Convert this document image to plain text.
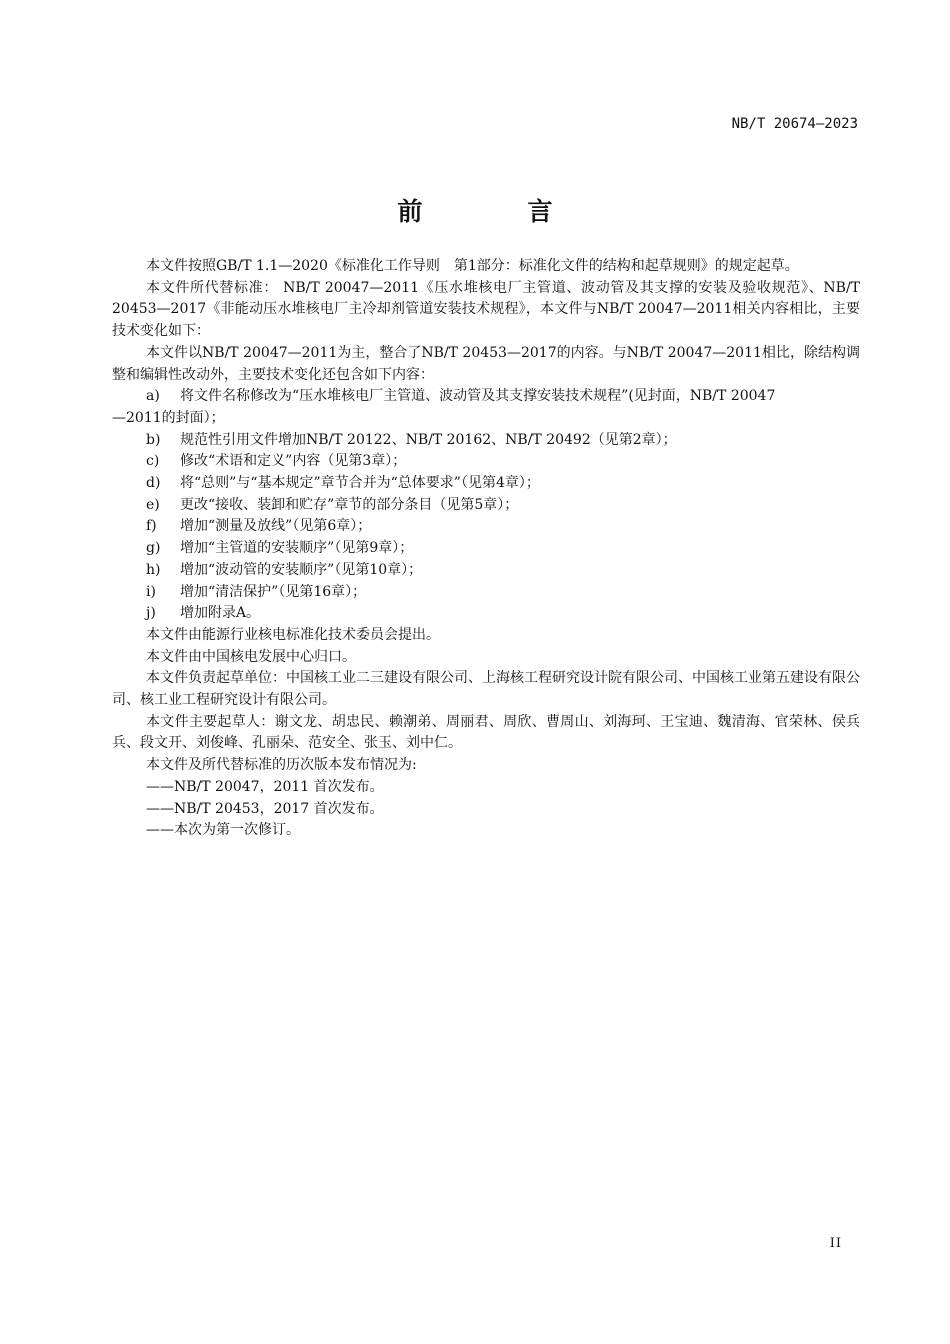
NB/T 20674—2023
前　言

本文件按照GB/T 1.1—2020《标准化工作导则　第1部分：标准化文件的结构和起草规则》的规定起草。

本文件所代替标准： NB/T 20047—2011《压水堆核电厂主管道、波动管及其支撑的安装及验收规范》、NB/T 20453—2017《非能动压水堆核电厂主冷却剂管道安装技术规程》，本文件与NB/T 20047—2011相关内容相比，主要技术变化如下：

本文件以NB/T 20047—2011为主，整合了NB/T 20453—2017的内容。与NB/T 20047—2011相比，除结构调整和编辑性改动外，主要技术变化还包含如下内容：

a) 将文件名称修改为“压水堆核电厂主管道、波动管及其支撑安装技术规程”(见封面，NB/T 20047

—2011的封面）；

b) 规范性引用文件增加NB/T 20122、NB/T 20162、NB/T 20492（见第2章）；

c) 修改“术语和定义”内容（见第3章）；

d) 将“总则”与“基本规定”章节合并为“总体要求”（见第4章）；

e) 更改“接收、装卸和贮存”章节的部分条目（见第5章）；

f) 增加“测量及放线”（见第6章）；

g) 增加“主管道的安装顺序”（见第9章）；

h) 增加“波动管的安装顺序”（见第10章）；

i) 增加“清洁保护”（见第16章）；

j) 增加附录A。

本文件由能源行业核电标准化技术委员会提出。

本文件由中国核电发展中心归口。

本文件负责起草单位：中国核工业二三建设有限公司、上海核工程研究设计院有限公司、中国核工业第五建设有限公司、核工业工程研究设计有限公司。

本文件主要起草人：谢文龙、胡忠民、赖潮弟、周丽君、周欣、曹周山、刘海珂、王宝迪、魏清海、官荣林、侯兵兵、段文开、刘俊峰、孔丽朵、范安全、张玉、刘中仁。

本文件及所代替标准的历次版本发布情况为:

——NB/T 20047，2011 首次发布。

——NB/T 20453，2017 首次发布。

——本次为第一次修订。

II
